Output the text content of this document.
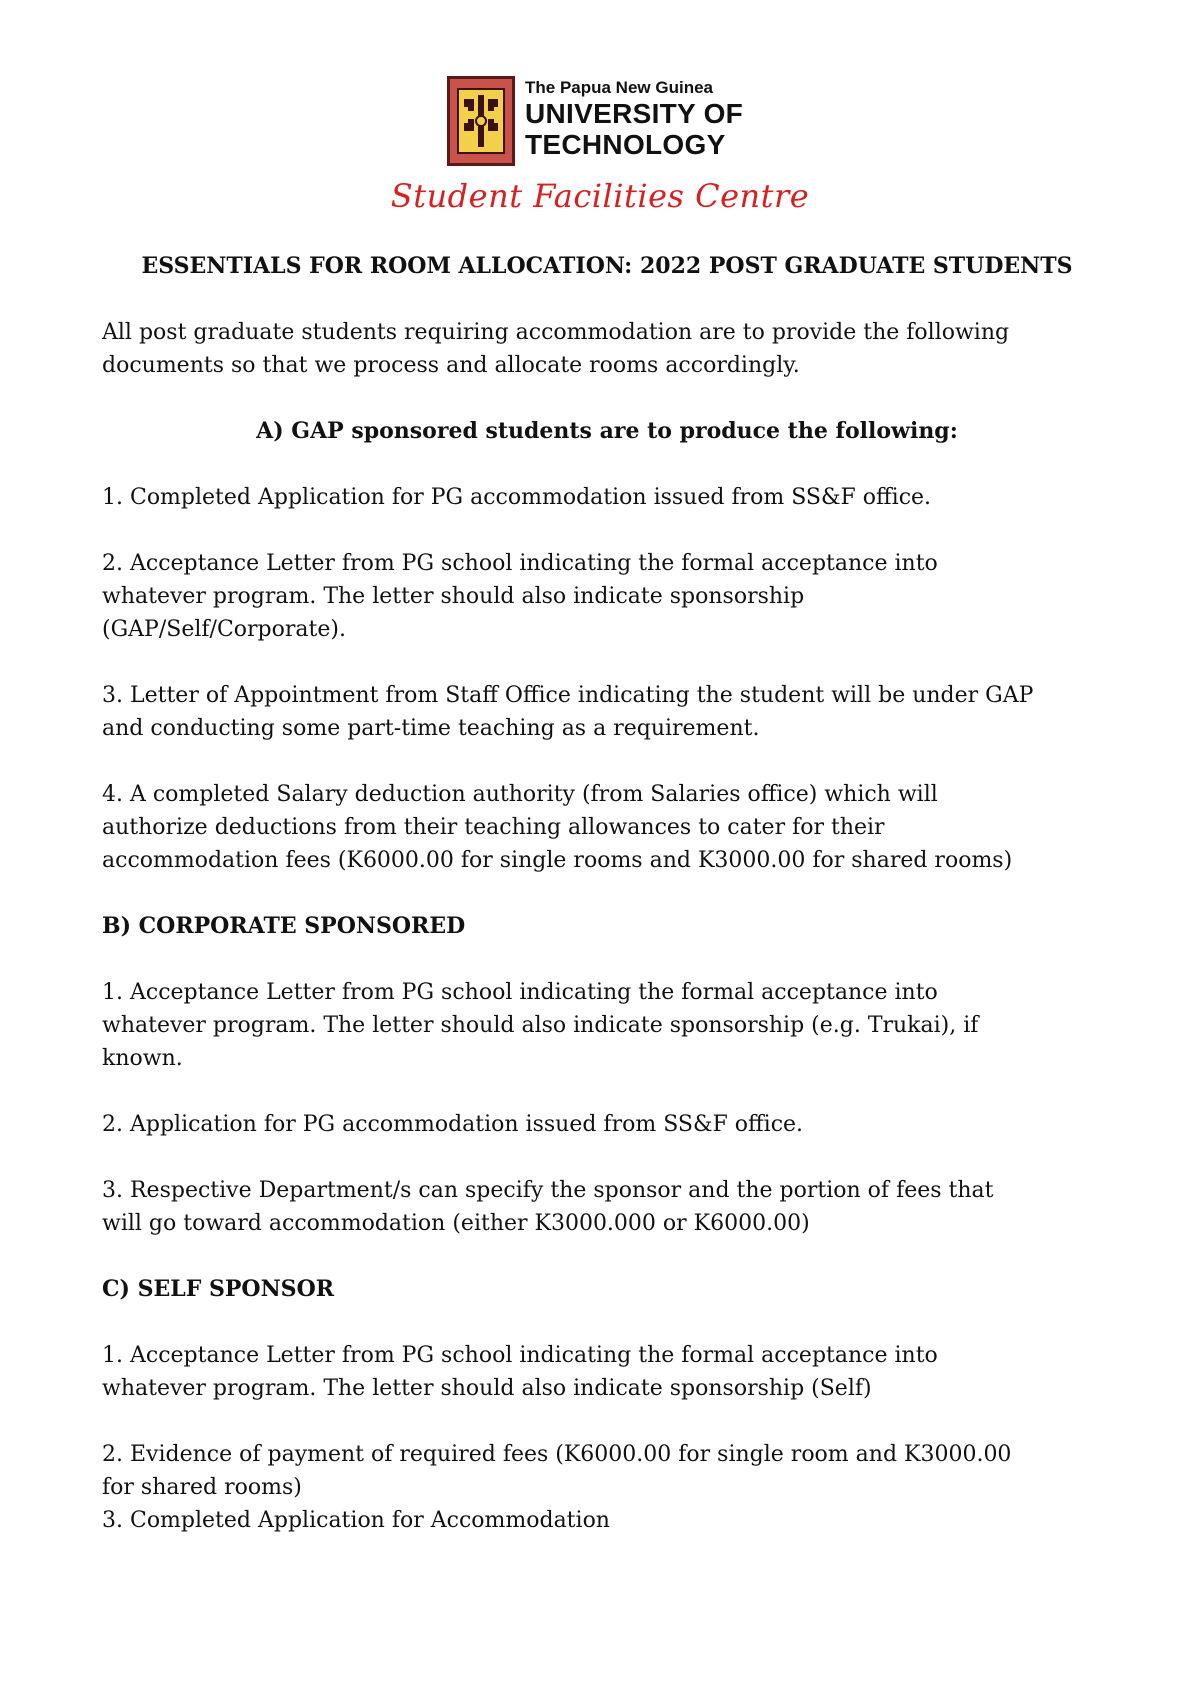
The Papua New Guinea
UNIVERSITY OF
TECHNOLOGY
Student Facilities Centre

ESSENTIALS FOR ROOM ALLOCATION: 2022 POST GRADUATE STUDENTS

All post graduate students requiring accommodation are to provide the following

documents so that we process and allocate rooms accordingly.

A) GAP sponsored students are to produce the following:

1. Completed Application for PG accommodation issued from SS&F office.

2. Acceptance Letter from PG school indicating the formal acceptance into

whatever program. The letter should also indicate sponsorship

(GAP/Self/Corporate).

3. Letter of Appointment from Staff Office indicating the student will be under GAP

and conducting some part-time teaching as a requirement.

4. A completed Salary deduction authority (from Salaries office) which will

authorize deductions from their teaching allowances to cater for their

accommodation fees (K6000.00 for single rooms and K3000.00 for shared rooms)

B) CORPORATE SPONSORED

1. Acceptance Letter from PG school indicating the formal acceptance into

whatever program. The letter should also indicate sponsorship (e.g. Trukai), if

known.

2. Application for PG accommodation issued from SS&F office.

3. Respective Department/s can specify the sponsor and the portion of fees that

will go toward accommodation (either K3000.000 or K6000.00)

C) SELF SPONSOR

1. Acceptance Letter from PG school indicating the formal acceptance into

whatever program. The letter should also indicate sponsorship (Self)

2. Evidence of payment of required fees (K6000.00 for single room and K3000.00

for shared rooms)

3. Completed Application for Accommodation
